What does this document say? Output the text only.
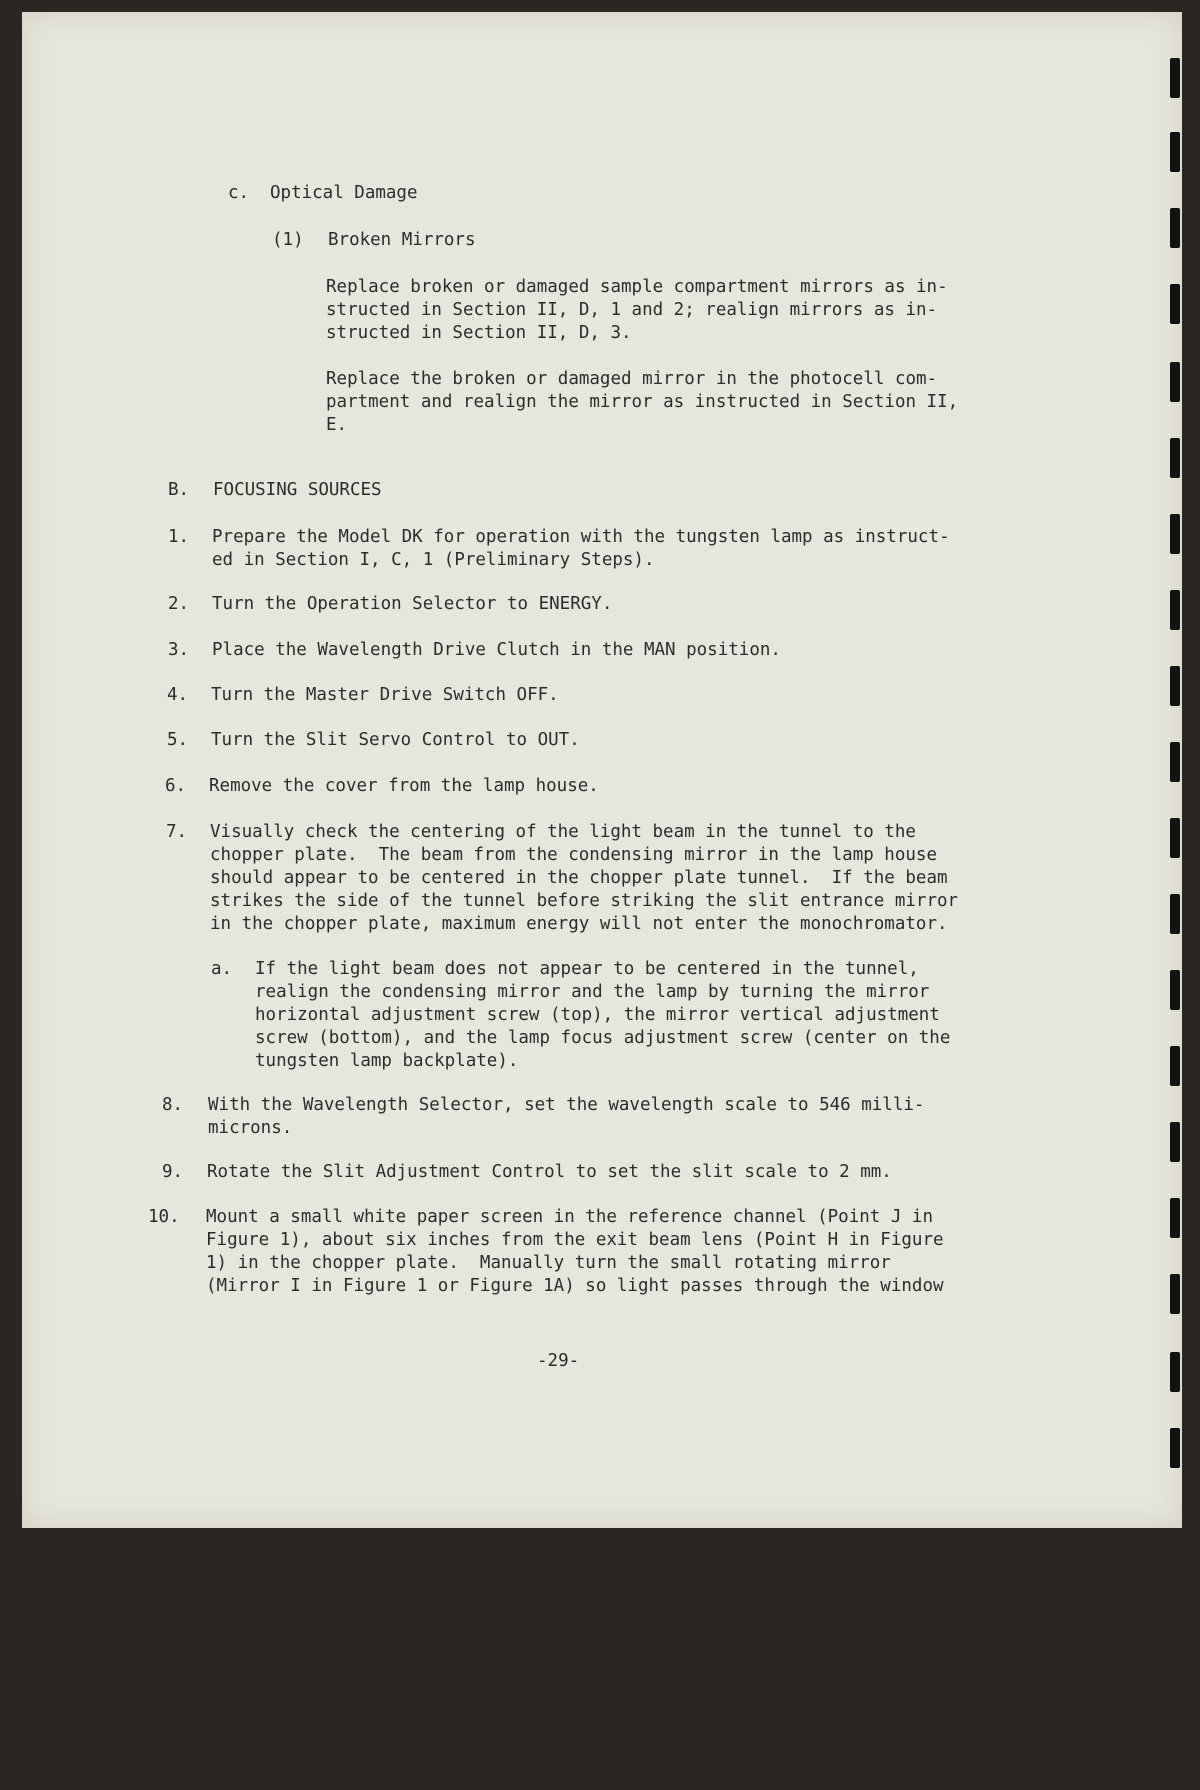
c.

Optical Damage

(1)

Broken Mirrors

Replace broken or damaged sample compartment mirrors as in-

structed in Section II, D, 1 and 2; realign mirrors as in-

structed in Section II, D, 3.

Replace the broken or damaged mirror in the photocell com-

partment and realign the mirror as instructed in Section II,

E.

B.

FOCUSING SOURCES

1.

Prepare the Model DK for operation with the tungsten lamp as instruct-

ed in Section I, C, 1 (Preliminary Steps).

2.

Turn the Operation Selector to ENERGY.

3.

Place the Wavelength Drive Clutch in the MAN position.

4.

Turn the Master Drive Switch OFF.

5.

Turn the Slit Servo Control to OUT.

6.

Remove the cover from the lamp house.

7.

Visually check the centering of the light beam in the tunnel to the

chopper plate.  The beam from the condensing mirror in the lamp house

should appear to be centered in the chopper plate tunnel.  If the beam

strikes the side of the tunnel before striking the slit entrance mirror

in the chopper plate, maximum energy will not enter the monochromator.

a.

If the light beam does not appear to be centered in the tunnel,

realign the condensing mirror and the lamp by turning the mirror

horizontal adjustment screw (top), the mirror vertical adjustment

screw (bottom), and the lamp focus adjustment screw (center on the

tungsten lamp backplate).

8.

With the Wavelength Selector, set the wavelength scale to 546 milli-

microns.

9.

Rotate the Slit Adjustment Control to set the slit scale to 2 mm.

10.

Mount a small white paper screen in the reference channel (Point J in

Figure 1), about six inches from the exit beam lens (Point H in Figure

1) in the chopper plate.  Manually turn the small rotating mirror

(Mirror I in Figure 1 or Figure 1A) so light passes through the window

-29-
